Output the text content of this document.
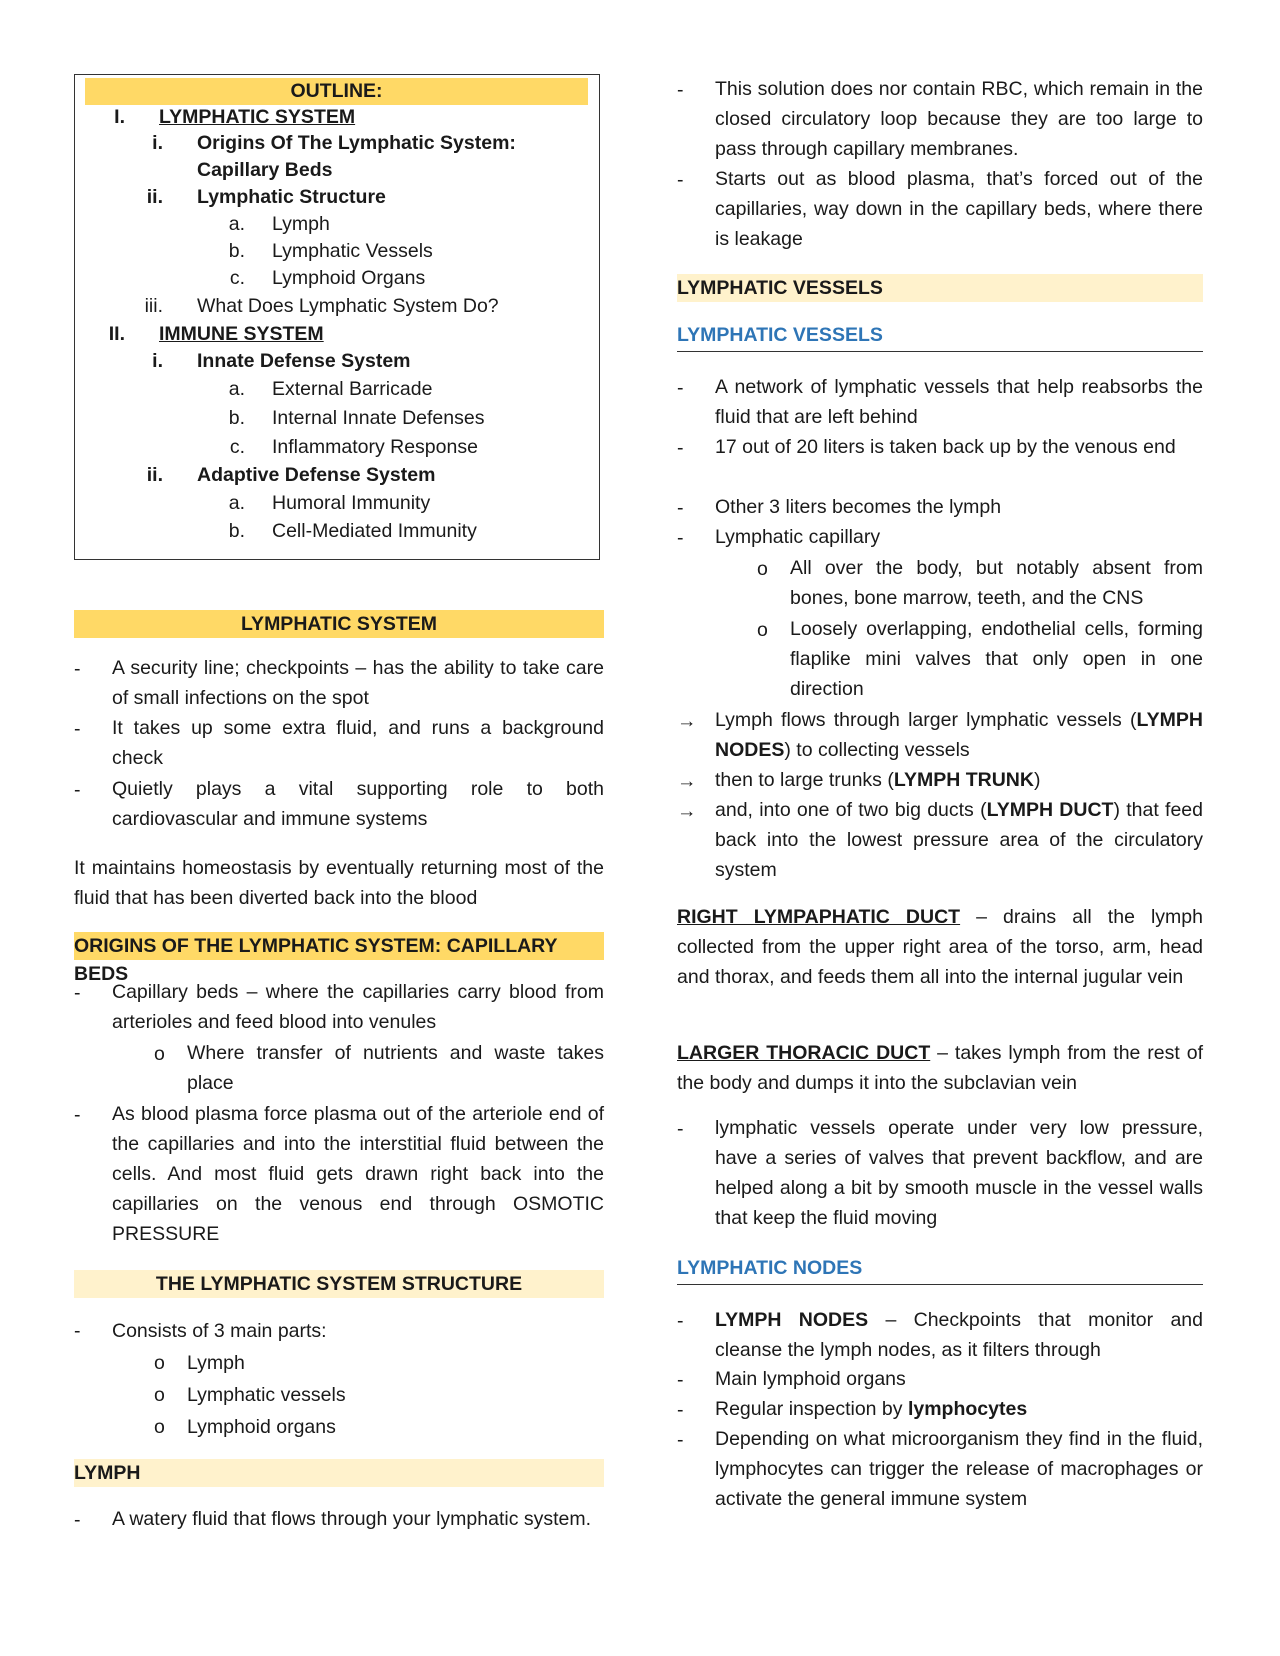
OUTLINE:
I. LYMPHATIC SYSTEM
i. Origins Of The Lymphatic System:
Capillary Beds
ii. Lymphatic Structure
a. Lymph
b. Lymphatic Vessels
c. Lymphoid Organs
iii. What Does Lymphatic System Do?
II. IMMUNE SYSTEM
i. Innate Defense System
a. External Barricade
b. Internal Innate Defenses
c. Inflammatory Response
ii. Adaptive Defense System
a. Humoral Immunity
b. Cell-Mediated Immunity
LYMPHATIC SYSTEM
- A security line; checkpoints – has the ability to take care of small infections on the spot
- It takes up some extra fluid, and runs a background check
- Quietly plays a vital supporting role to both cardiovascular and immune systems
It maintains homeostasis by eventually returning most of the fluid that has been diverted back into the blood
ORIGINS OF THE LYMPHATIC SYSTEM: CAPILLARY BEDS
- Capillary beds – where the capillaries carry blood from arterioles and feed blood into venules
o Where transfer of nutrients and waste takes place
- As blood plasma force plasma out of the arteriole end of the capillaries and into the interstitial fluid between the cells. And most fluid gets drawn right back into the capillaries on the venous end through OSMOTIC PRESSURE
THE LYMPHATIC SYSTEM STRUCTURE
- Consists of 3 main parts:
o Lymph
o Lymphatic vessels
o Lymphoid organs
LYMPH
- A watery fluid that flows through your lymphatic system.
- This solution does nor contain RBC, which remain in the closed circulatory loop because they are too large to pass through capillary membranes.
- Starts out as blood plasma, that’s forced out of the capillaries, way down in the capillary beds, where there is leakage
LYMPHATIC VESSELS
LYMPHATIC VESSELS
- A network of lymphatic vessels that help reabsorbs the fluid that are left behind
- 17 out of 20 liters is taken back up by the venous end
- Other 3 liters becomes the lymph
- Lymphatic capillary
o All over the body, but notably absent from bones, bone marrow, teeth, and the CNS
o Loosely overlapping, endothelial cells, forming flaplike mini valves that only open in one direction
→ Lymph flows through larger lymphatic vessels (LYMPH NODES) to collecting vessels
→ then to large trunks (LYMPH TRUNK)
→ and, into one of two big ducts (LYMPH DUCT) that feed back into the lowest pressure area of the circulatory system
RIGHT LYMPAPHATIC DUCT – drains all the lymph collected from the upper right area of the torso, arm, head and thorax, and feeds them all into the internal jugular vein
LARGER THORACIC DUCT – takes lymph from the rest of the body and dumps it into the subclavian vein
- lymphatic vessels operate under very low pressure, have a series of valves that prevent backflow, and are helped along a bit by smooth muscle in the vessel walls that keep the fluid moving
LYMPHATIC NODES
- LYMPH NODES – Checkpoints that monitor and cleanse the lymph nodes, as it filters through
- Main lymphoid organs
- Regular inspection by lymphocytes
- Depending on what microorganism they find in the fluid, lymphocytes can trigger the release of macrophages or activate the general immune system
